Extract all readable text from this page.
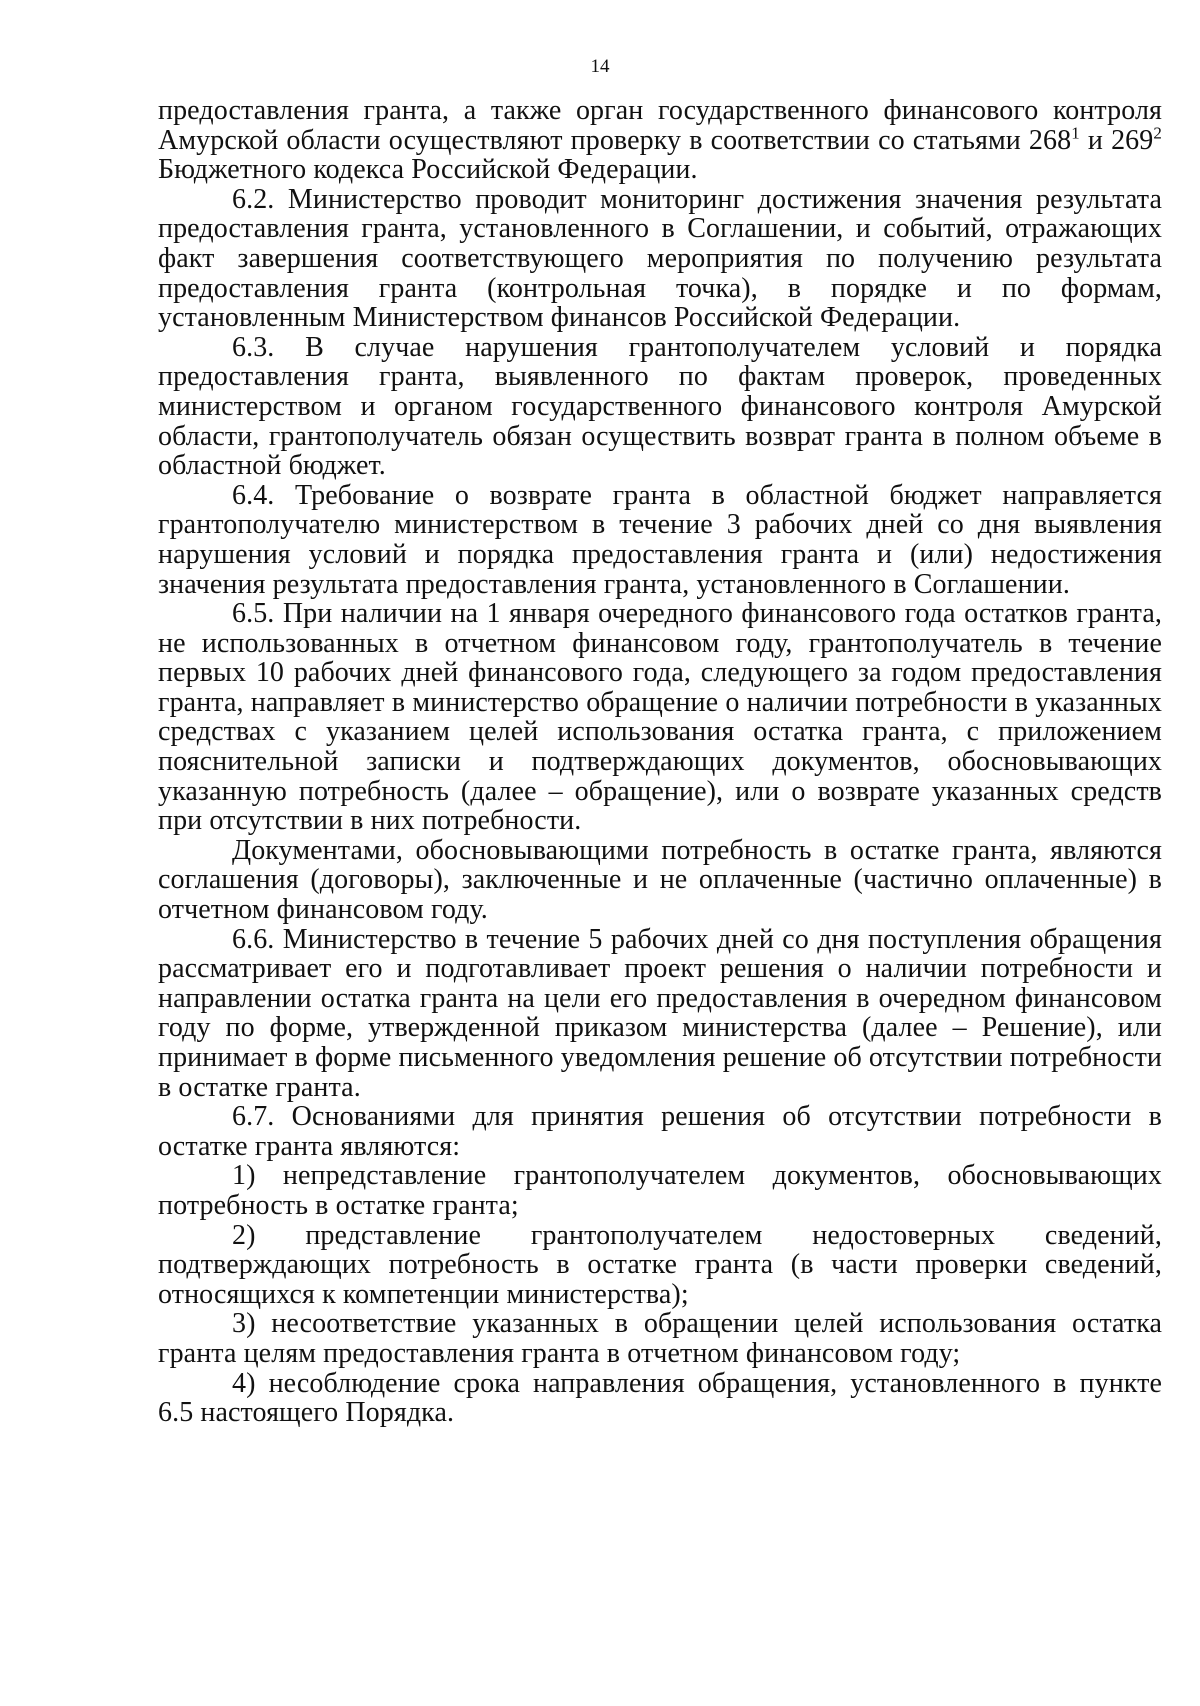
14

предоставления гранта, а также орган государственного финансового контроля Амурской области осуществляют проверку в соответствии со статьями $268^1$ и $269^2$ Бюджетного кодекса Российской Федерации.

6.2. Министерство проводит мониторинг достижения значения результата предоставления гранта, установленного в Соглашении, и событий, отражающих факт завершения соответствующего мероприятия по получению результата предоставления гранта (контрольная точка), в порядке и по формам, установленным Министерством финансов Российской Федерации.

6.3. В случае нарушения грантополучателем условий и порядка предоставления гранта, выявленного по фактам проверок, проведенных министерством и органом государственного финансового контроля Амурской области, грантополучатель обязан осуществить возврат гранта в полном объеме в областной бюджет.

6.4. Требование о возврате гранта в областной бюджет направляется грантополучателю министерством в течение 3 рабочих дней со дня выявления нарушения условий и порядка предоставления гранта и (или) недостижения значения результата предоставления гранта, установленного в Соглашении.

6.5. При наличии на 1 января очередного финансового года остатков гранта, не использованных в отчетном финансовом году, грантополучатель в течение первых 10 рабочих дней финансового года, следующего за годом предоставления гранта, направляет в министерство обращение о наличии потребности в указанных средствах с указанием целей использования остатка гранта, с приложением пояснительной записки и подтверждающих документов, обосновывающих указанную потребность (далее – обращение), или о возврате указанных средств при отсутствии в них потребности.

Документами, обосновывающими потребность в остатке гранта, являются соглашения (договоры), заключенные и не оплаченные (частично оплаченные) в отчетном финансовом году.

6.6. Министерство в течение 5 рабочих дней со дня поступления обращения рассматривает его и подготавливает проект решения о наличии потребности и направлении остатка гранта на цели его предоставления в очередном финансовом году по форме, утвержденной приказом министерства (далее – Решение), или принимает в форме письменного уведомления решение об отсутствии потребности в остатке гранта.

6.7. Основаниями для принятия решения об отсутствии потребности в остатке гранта являются:

1) непредставление грантополучателем документов, обосновывающих потребность в остатке гранта;

2) представление грантополучателем недостоверных сведений, подтверждающих потребность в остатке гранта (в части проверки сведений, относящихся к компетенции министерства);

3) несоответствие указанных в обращении целей использования остатка гранта целям предоставления гранта в отчетном финансовом году;

4) несоблюдение срока направления обращения, установленного в пункте 6.5 настоящего Порядка.
